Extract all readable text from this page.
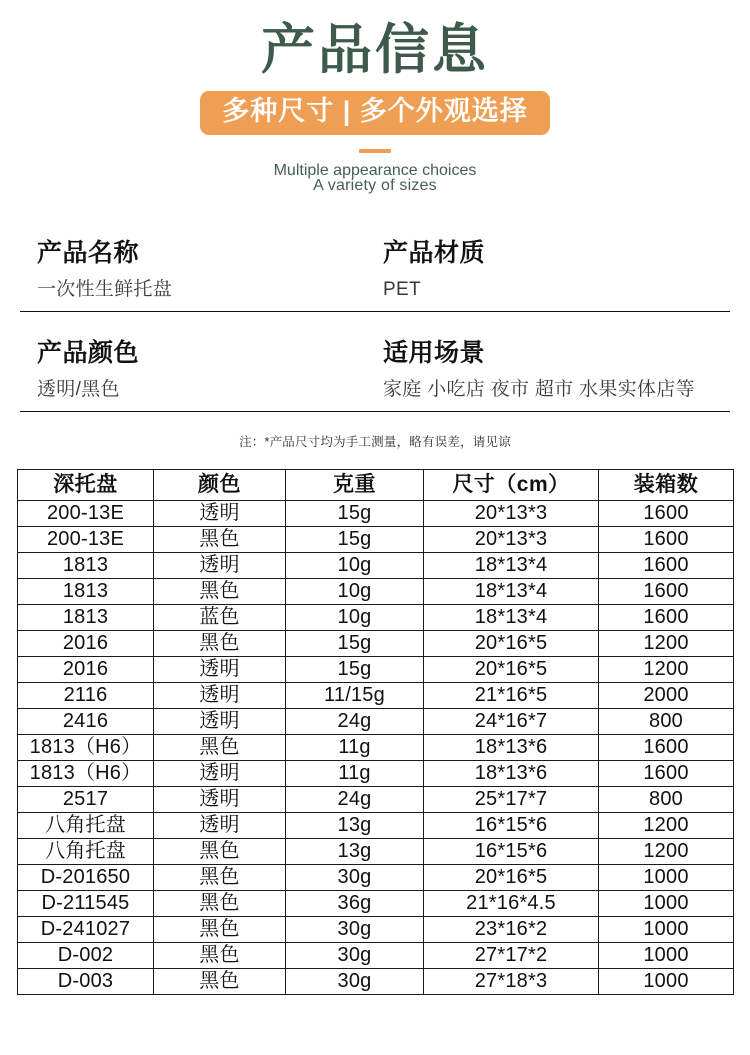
产品信息
多种尺寸 | 多个外观选择
Multiple appearance choices
A variety of sizes
产品名称
一次性生鲜托盘
产品材质
PET
产品颜色
透明/黑色
适用场景
家庭 小吃店 夜市 超市 水果实体店等
注：*产品尺寸均为手工测量，略有误差，请见谅
深托盘	颜色	克重	尺寸（cm）	装箱数
200-13E	透明	15g	20*13*3	1600
200-13E	黑色	15g	20*13*3	1600
1813	透明	10g	18*13*4	1600
1813	黑色	10g	18*13*4	1600
1813	蓝色	10g	18*13*4	1600
2016	黑色	15g	20*16*5	1200
2016	透明	15g	20*16*5	1200
2116	透明	11/15g	21*16*5	2000
2416	透明	24g	24*16*7	800
1813（H6）	黑色	11g	18*13*6	1600
1813（H6）	透明	11g	18*13*6	1600
2517	透明	24g	25*17*7	800
八角托盘	透明	13g	16*15*6	1200
八角托盘	黑色	13g	16*15*6	1200
D-201650	黑色	30g	20*16*5	1000
D-211545	黑色	36g	21*16*4.5	1000
D-241027	黑色	30g	23*16*2	1000
D-002	黑色	30g	27*17*2	1000
D-003	黑色	30g	27*18*3	1000
